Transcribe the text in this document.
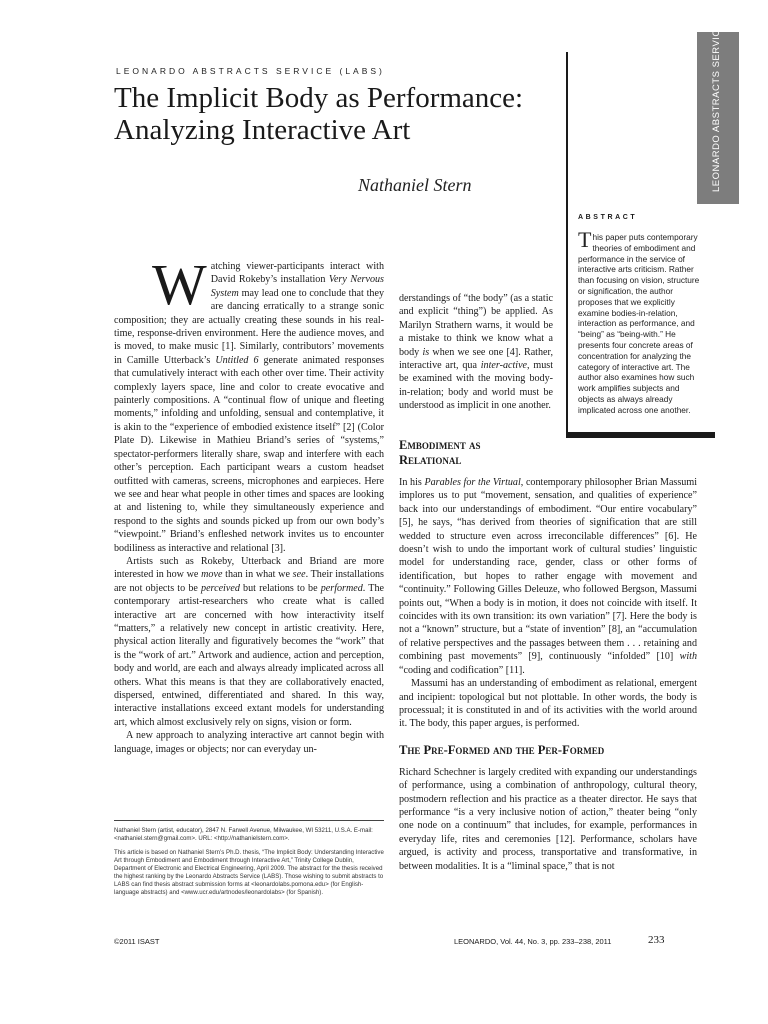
LEONARDO ABSTRACTS SERVICE (LABS)
The Implicit Body as Performance:
Analyzing Interactive Art
Nathaniel Stern	LEONARDO ABSTRACTS SERVICE
ABSTRACT
This paper puts contemporary theories of embodiment and performance in the service of interactive arts criticism. Rather than focusing on vision, structure or signification, the author proposes that we explicitly examine bodies-in-relation, interaction as performance, and “being” as “being-with.” He presents four concrete areas of concentration for analyzing the category of interactive art. The author also examines how such work amplifies subjects and objects as always already implicated across one another.

Watching viewer-participants interact with David Rokeby’s installation Very Nervous System may lead one to conclude that they are dancing erratically to a strange sonic composition; they are actually creating these sounds in his real-time, response-driven environment. Here the audience moves, and is moved, to make music [1]. Similarly, contributors’ movements in Camille Utterback’s Untitled 6 generate animated responses that cumulatively interact with each other over time. Their activity complexly layers space, line and color to create evocative and painterly compositions. A “continual flow of unique and fleeting moments,” infolding and unfolding, sensual and contemplative, it is akin to the “experience of embodied existence itself” [2] (Color Plate D). Likewise in Mathieu Briand’s series of “systems,” spectator-performers literally share, swap and interfere with each other’s perception. Each participant wears a custom headset outfitted with cameras, screens, microphones and earpieces. Here we see and hear what people in other times and spaces are looking at and listening to, while they simultaneously experience and respond to the sights and sounds picked up from our own body’s “viewpoint.” Briand’s enfleshed network invites us to encounter bodiliness as interactive and relational [3].

Artists such as Rokeby, Utterback and Briand are more interested in how we move than in what we see. Their installations are not objects to be perceived but relations to be performed. The contemporary artist-researchers who create what is called interactive art are concerned with how interactivity itself “matters,” a relatively new concept in artistic creativity. Here, physical action literally and figuratively becomes the “work” that is the “work of art.” Artwork and audience, action and perception, body and world, are each and always already implicated across all others. What this means is that they are collaboratively enacted, dispersed, entwined, differentiated and shared. In this way, interactive installations exceed extant models for understanding art, which almost exclusively rely on signs, vision or form.

A new approach to analyzing interactive art cannot begin with language, images or objects; nor can everyday un-

derstandings of “the body” (as a static and explicit “thing”) be applied. As Marilyn Strathern warns, it would be a mistake to think we know what a body is when we see one [4]. Rather, interactive art, qua inter-active, must be examined with the moving body-in-relation; body and world must be understood as implicit in one another.

Embodiment as
Relational

In his Parables for the Virtual, contemporary philosopher Brian Massumi implores us to put “movement, sensation, and qualities of experience” back into our understandings of embodiment. “Our entire vocabulary” [5], he says, “has derived from theories of signification that are still wedded to structure even across irreconcilable differences” [6]. He doesn’t wish to undo the important work of cultural studies’ linguistic model for understanding race, gender, class or other forms of identification, but hopes to rather engage with movement and “continuity.” Following Gilles Deleuze, who followed Bergson, Massumi points out, “When a body is in motion, it does not coincide with itself. It coincides with its own transition: its own variation” [7]. Here the body is not a “known” structure, but a “state of invention” [8], an “accumulation of relative perspectives and the passages between them . . . retaining and combining past movements” [9], continuously “infolded” [10] with “coding and codification” [11].

Massumi has an understanding of embodiment as relational, emergent and incipient: topological but not plottable. In other words, the body is processual; it is constituted in and of its activities with the world around it. The body, this paper argues, is performed.

The Pre-Formed and the Per-Formed

Richard Schechner is largely credited with expanding our understandings of performance, using a combination of anthropology, cultural theory, postmodern reflection and his practice as a theater director. He says that performance “is a very inclusive notion of action,” theater being “only one node on a continuum” that includes, for example, performances in everyday life, rites and ceremonies [12]. Performance, scholars have argued, is activity and process, transportative and transformative, in between modalities. It is a “liminal space,” that is not

Nathaniel Stern (artist, educator), 2847 N. Farwell Avenue, Milwaukee, WI 53211, U.S.A. E-mail: <nathaniel.stern@gmail.com>. URL: <http://nathanielstern.com>.

This article is based on Nathaniel Stern’s Ph.D. thesis, “The Implicit Body: Understanding Interactive Art through Embodiment and Embodiment through Interactive Art,” Trinity College Dublin, Department of Electronic and Electrical Engineering, April 2009. The abstract for the thesis received the highest ranking by the Leonardo Abstracts Service (LABS). Those wishing to submit abstracts to LABS can find thesis abstract submission forms at <leonardolabs.pomona.edu> (for English-language abstracts) and <www.ucr.edu/artnodes/leonardolabs> (for Spanish).

©2011 ISAST	LEONARDO, Vol. 44, No. 3, pp. 233–238, 2011	233
